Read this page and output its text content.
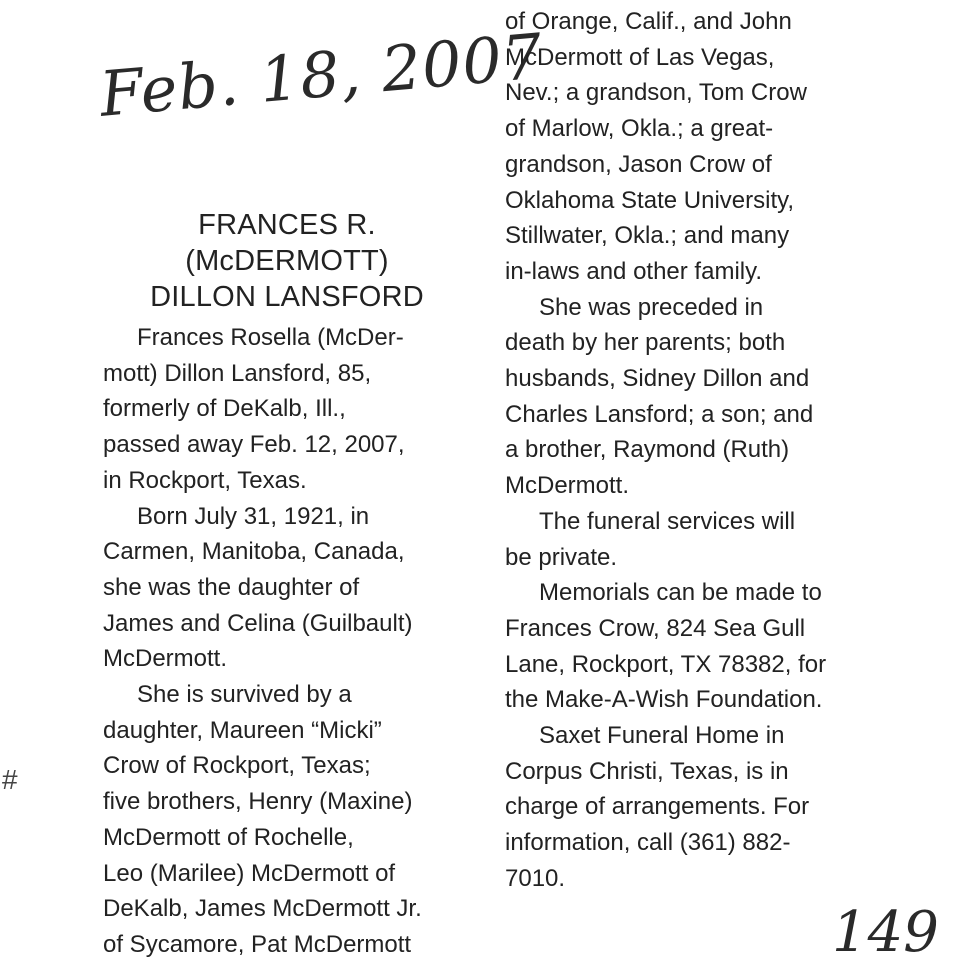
Feb. 18, 2007
#
FRANCES R.
(McDERMOTT)
DILLON LANSFORD
Frances Rosella (McDer-
mott) Dillon Lansford, 85,
formerly of DeKalb, Ill.,
passed away Feb. 12, 2007,
in Rockport, Texas.
Born July 31, 1921, in
Carmen, Manitoba, Canada,
she was the daughter of
James and Celina (Guilbault)
McDermott.
She is survived by a
daughter, Maureen “Micki”
Crow of Rockport, Texas;
five brothers, Henry (Maxine)
McDermott of Rochelle,
Leo (Marilee) McDermott of
DeKalb, James McDermott Jr.
of Sycamore, Pat McDermott
of Orange, Calif., and John
McDermott of Las Vegas,
Nev.; a grandson, Tom Crow
of Marlow, Okla.; a great-
grandson, Jason Crow of
Oklahoma State University,
Stillwater, Okla.; and many
in-laws and other family.
She was preceded in
death by her parents; both
husbands, Sidney Dillon and
Charles Lansford; a son; and
a brother, Raymond (Ruth)
McDermott.
The funeral services will
be private.
Memorials can be made to
Frances Crow, 824 Sea Gull
Lane, Rockport, TX 78382, for
the Make-A-Wish Foundation.
Saxet Funeral Home in
Corpus Christi, Texas, is in
charge of arrangements. For
information, call (361) 882-
7010.
149
